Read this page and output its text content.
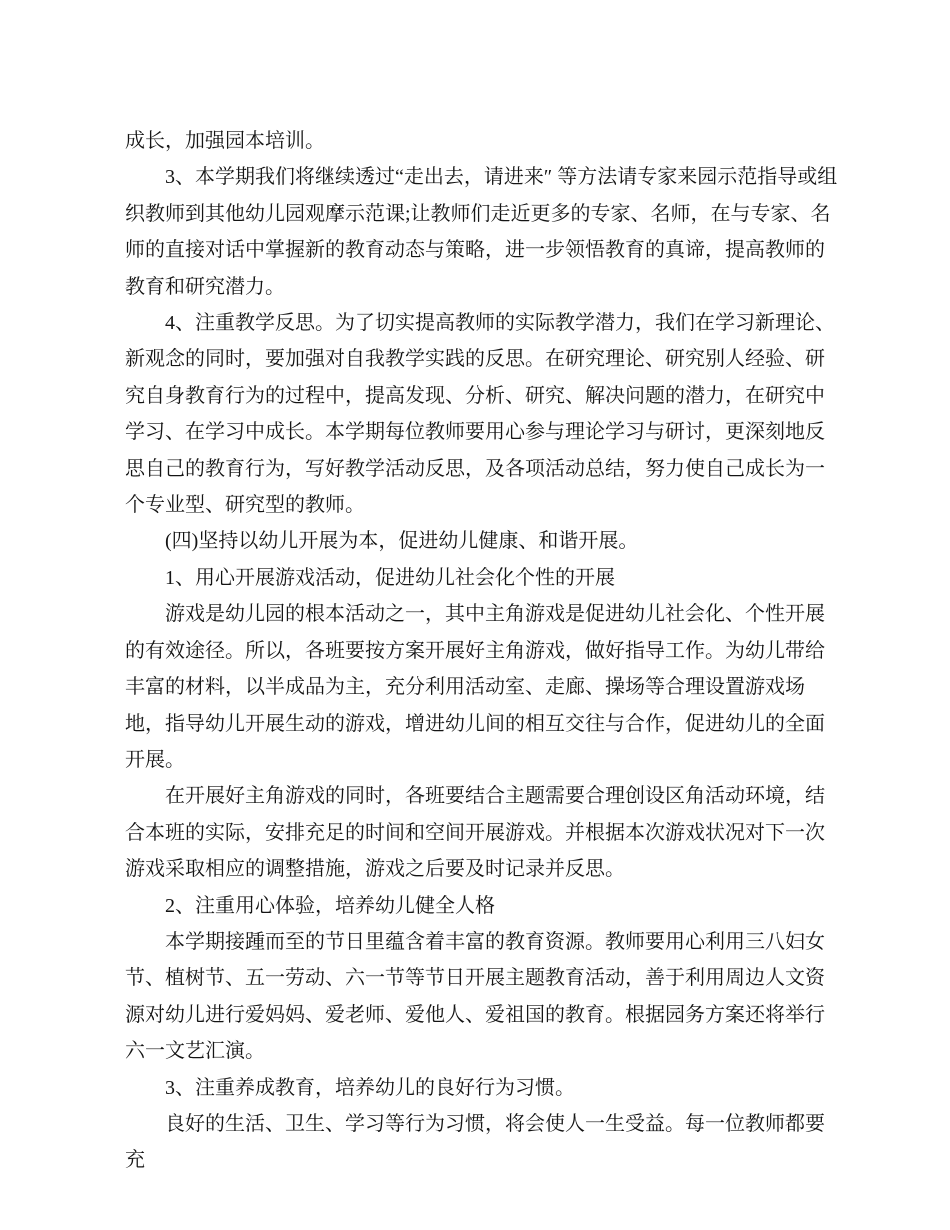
成长，加强园本培训。

3、本学期我们将继续透过“走出去，请进来″ 等方法请专家来园示范指导或组织教师到其他幼儿园观摩示范课;让教师们走近更多的专家、名师，在与专家、名师的直接对话中掌握新的教育动态与策略，进一步领悟教育的真谛，提高教师的教育和研究潜力。

4、注重教学反思。为了切实提高教师的实际教学潜力，我们在学习新理论、新观念的同时，要加强对自我教学实践的反思。在研究理论、研究别人经验、研究自身教育行为的过程中，提高发现、分析、研究、解决问题的潜力，在研究中学习、在学习中成长。本学期每位教师要用心参与理论学习与研讨，更深刻地反思自己的教育行为，写好教学活动反思，及各项活动总结，努力使自己成长为一个专业型、研究型的教师。

(四)坚持以幼儿开展为本，促进幼儿健康、和谐开展。

1、用心开展游戏活动，促进幼儿社会化个性的开展

游戏是幼儿园的根本活动之一，其中主角游戏是促进幼儿社会化、个性开展的有效途径。所以，各班要按方案开展好主角游戏，做好指导工作。为幼儿带给丰富的材料，以半成品为主，充分利用活动室、走廊、操场等合理设置游戏场地，指导幼儿开展生动的游戏，增进幼儿间的相互交往与合作，促进幼儿的全面开展。

在开展好主角游戏的同时，各班要结合主题需要合理创设区角活动环境，结合本班的实际，安排充足的时间和空间开展游戏。并根据本次游戏状况对下一次游戏采取相应的调整措施，游戏之后要及时记录并反思。

2、注重用心体验，培养幼儿健全人格

本学期接踵而至的节日里蕴含着丰富的教育资源。教师要用心利用三八妇女节、植树节、五一劳动、六一节等节日开展主题教育活动，善于利用周边人文资源对幼儿进行爱妈妈、爱老师、爱他人、爱祖国的教育。根据园务方案还将举行六一文艺汇演。

3、注重养成教育，培养幼儿的良好行为习惯。

良好的生活、卫生、学习等行为习惯，将会使人一生受益。每一位教师都要充
